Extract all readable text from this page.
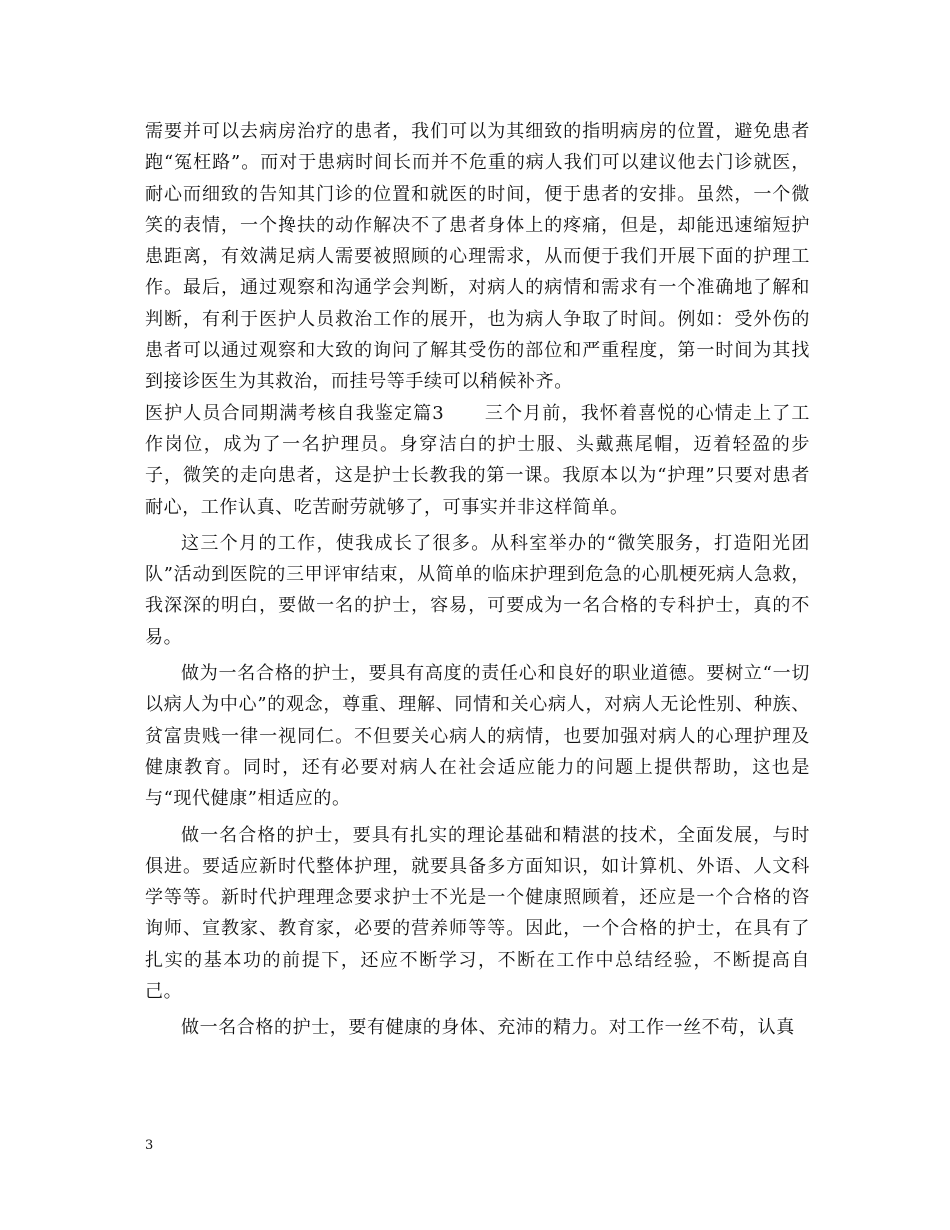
需要并可以去病房治疗的患者，我们可以为其细致的指明病房的位置，避免患者跑“冤枉路”。而对于患病时间长而并不危重的病人我们可以建议他去门诊就医，耐心而细致的告知其门诊的位置和就医的时间，便于患者的安排。虽然，一个微笑的表情，一个搀扶的动作解决不了患者身体上的疼痛，但是，却能迅速缩短护患距离，有效满足病人需要被照顾的心理需求，从而便于我们开展下面的护理工作。最后，通过观察和沟通学会判断，对病人的病情和需求有一个准确地了解和判断，有利于医护人员救治工作的展开，也为病人争取了时间。例如：受外伤的患者可以通过观察和大致的询问了解其受伤的部位和严重程度，第一时间为其找到接诊医生为其救治，而挂号等手续可以稍候补齐。

医护人员合同期满考核自我鉴定篇3 三个月前，我怀着喜悦的心情走上了工作岗位，成为了一名护理员。身穿洁白的护士服、头戴燕尾帽，迈着轻盈的步子，微笑的走向患者，这是护士长教我的第一课。我原本以为“护理”只要对患者耐心，工作认真、吃苦耐劳就够了，可事实并非这样简单。

这三个月的工作，使我成长了很多。从科室举办的“微笑服务，打造阳光团队”活动到医院的三甲评审结束，从简单的临床护理到危急的心肌梗死病人急救，我深深的明白，要做一名的护士，容易，可要成为一名合格的专科护士，真的不易。

做为一名合格的护士，要具有高度的责任心和良好的职业道德。要树立“一切以病人为中心”的观念，尊重、理解、同情和关心病人，对病人无论性别、种族、贫富贵贱一律一视同仁。不但要关心病人的病情，也要加强对病人的心理护理及健康教育。同时，还有必要对病人在社会适应能力的问题上提供帮助，这也是与“现代健康”相适应的。

做一名合格的护士，要具有扎实的理论基础和精湛的技术，全面发展，与时俱进。要适应新时代整体护理，就要具备多方面知识，如计算机、外语、人文科学等等。新时代护理理念要求护士不光是一个健康照顾着，还应是一个合格的咨询师、宣教家、教育家，必要的营养师等等。因此，一个合格的护士，在具有了扎实的基本功的前提下，还应不断学习，不断在工作中总结经验，不断提高自己。

做一名合格的护士，要有健康的身体、充沛的精力。对工作一丝不苟，认真

3
